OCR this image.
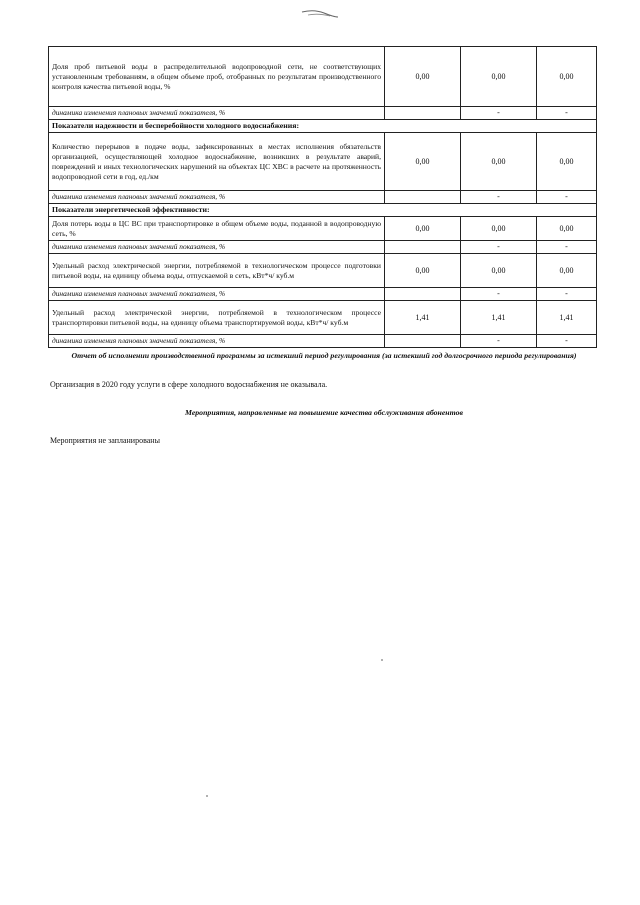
Доля проб питьевой воды в распределительной водопроводной сети, не соответствующих установленным требованиям, в общем объеме проб, отобранных по результатам производственного контроля качества питьевой воды, %	0,00	0,00	0,00
динамика изменения плановых значений показателя, %		-	-
Показатели надежности и бесперебойности холодного водоснабжения:			
Количество перерывов в подаче воды, зафиксированных в местах исполнения обязательств организацией, осуществляющей холодное водоснабжение, возникших в результате аварий, повреждений и иных технологических нарушений на объектах ЦС ХВС в расчете на протяженность водопроводной сети в год, ед./км	0,00	0,00	0,00
динамика изменения плановых значений показателя, %		-	-
Показатели энергетической эффективности:			
Доля потерь воды в ЦС ВС при транспортировке в общем объеме воды, поданной в водопроводную сеть, %	0,00	0,00	0,00
динамика изменения плановых значений показателя, %		-	-
Удельный расход электрической энергии, потребляемой в технологическом процессе подготовки питьевой воды, на единицу объема воды, отпускаемой в сеть, кВт*ч/ куб.м	0,00	0,00	0,00
динамика изменения плановых значений показателя, %		-	-
Удельный расход электрической энергии, потребляемой в технологическом процессе транспортировки питьевой воды, на единицу объема транспортируемой воды, кВт*ч/ куб.м	1,41	1,41	1,41
динамика изменения плановых значений показателя, %		-	-
Отчет об исполнении производственной программы за истекший период регулирования (за истекший год долгосрочного периода регулирования)
Организация в 2020 году услуги в сфере холодного водоснабжения не оказывала.
Мероприятия, направленные на повышение качества обслуживания абонентов
Мероприятия не запланированы
